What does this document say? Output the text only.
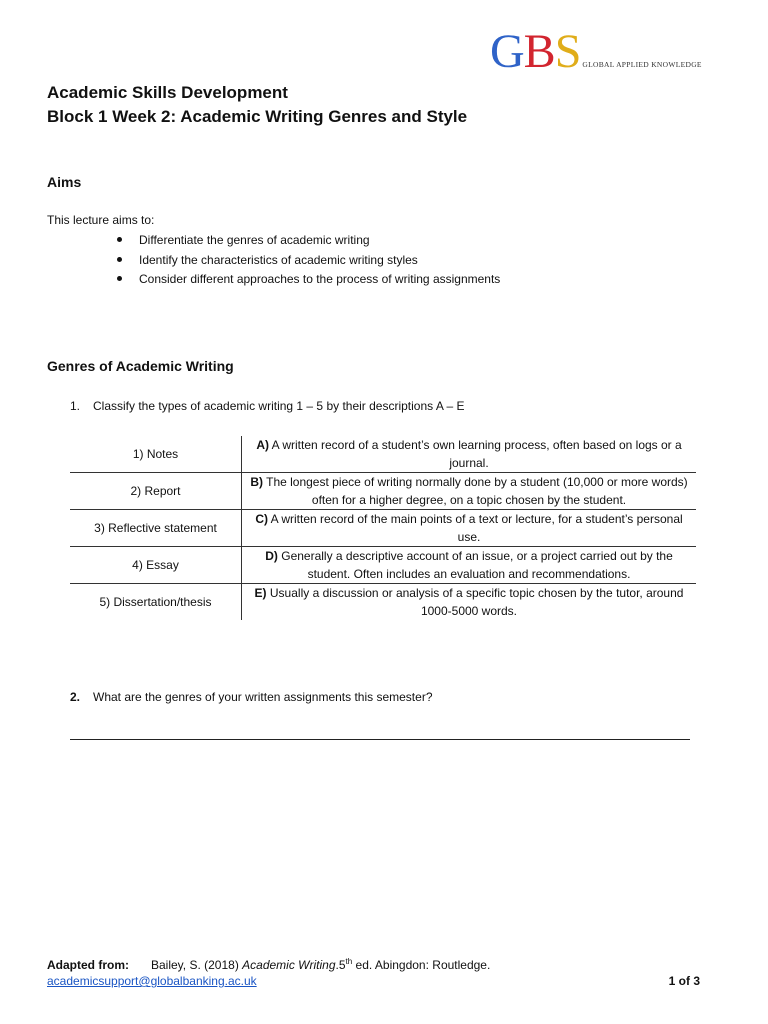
GBS GLOBAL APPLIED KNOWLEDGE
Academic Skills Development
Block 1 Week 2: Academic Writing Genres and Style
Aims
This lecture aims to:
Differentiate the genres of academic writing
Identify the characteristics of academic writing styles
Consider different approaches to the process of writing assignments
Genres of Academic Writing
1. Classify the types of academic writing 1 – 5 by their descriptions A – E
1) Notes	A) A written record of a student’s own learning process, often based on logs or a journal.
2) Report	B) The longest piece of writing normally done by a student (10,000 or more words) often for a higher degree, on a topic chosen by the student.
3) Reflective statement	C) A written record of the main points of a text or lecture, for a student’s personal use.
4) Essay	D) Generally a descriptive account of an issue, or a project carried out by the student. Often includes an evaluation and recommendations.
5) Dissertation/thesis	E) Usually a discussion or analysis of a specific topic chosen by the tutor, around 1000-5000 words.
2. What are the genres of your written assignments this semester?
Adapted from: Bailey, S. (2018) Academic Writing.5th ed. Abingdon: Routledge.
academicsupport@globalbanking.ac.uk	1 of 3
